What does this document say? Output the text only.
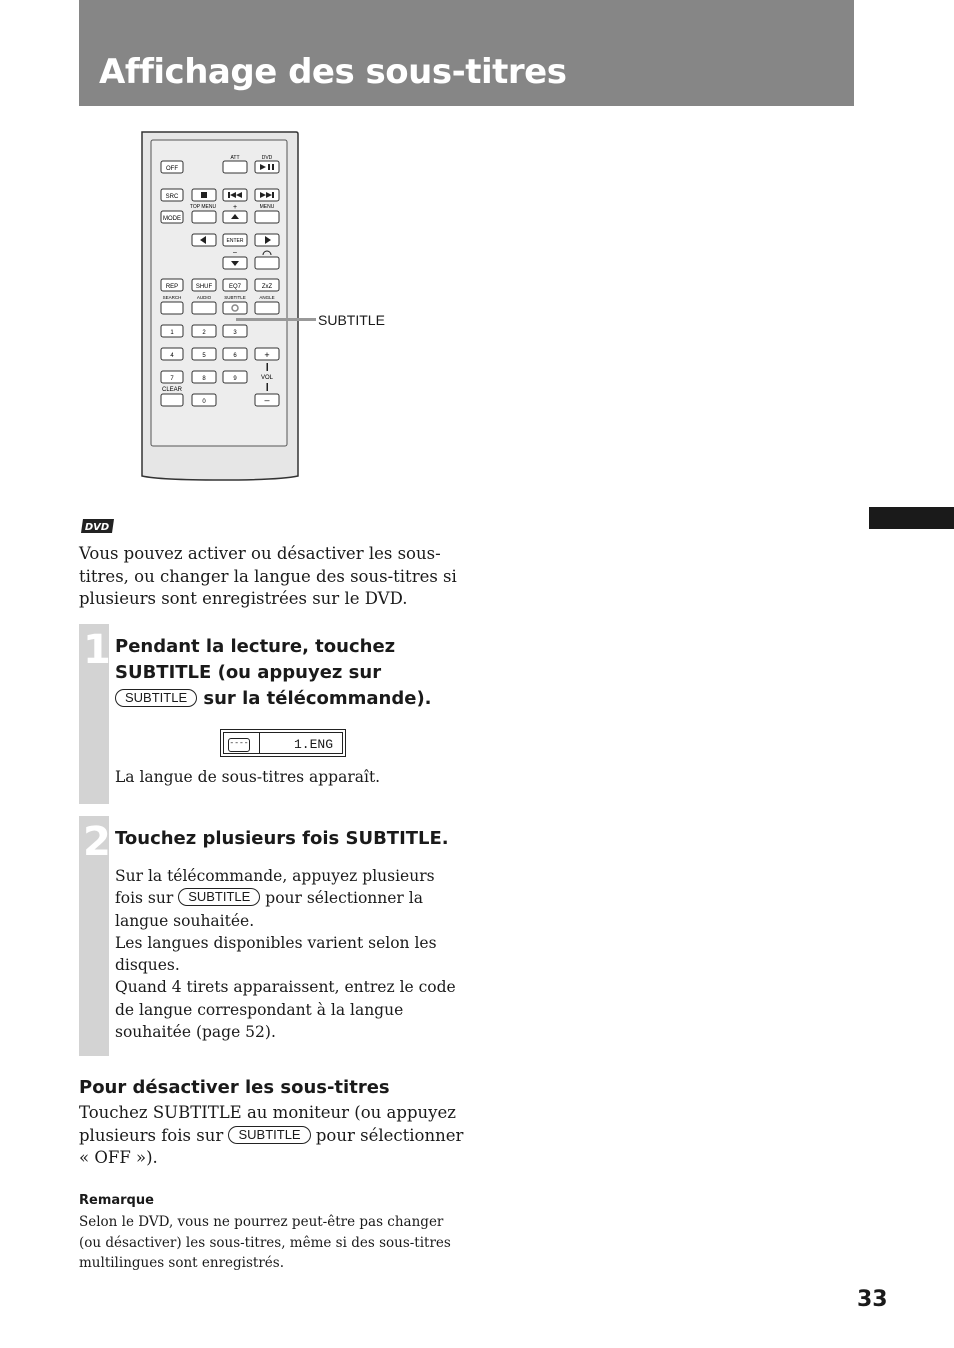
Affichage des sous-titres
OFF
ATT	DVD
SRC
TOP MENU +	MENU
MODE
ENTER
–
REP	SHUF	EQ7	ZxZ
SEARCH	AUDIO	SUBTITLE	ANGLE
1	2	3
4	5	6	+
7	8	9	VOL
CLEAR
0	–
SUBTITLE
DVD
Vous pouvez activer ou désactiver les sous-titres, ou changer la langue des sous-titres si plusieurs sont enregistrées sur le DVD.
1 Pendant la lecture, touchez
SUBTITLE (ou appuyez sur
SUBTITLE sur la télécommande).
----	1.ENG
La langue de sous-titres apparaît.
2 Touchez plusieurs fois SUBTITLE.
Sur la télécommande, appuyez plusieurs fois sur SUBTITLE pour sélectionner la langue souhaitée.
Les langues disponibles varient selon les disques.
Quand 4 tirets apparaissent, entrez le code de langue correspondant à la langue souhaitée (page 52).
Pour désactiver les sous-titres
Touchez SUBTITLE au moniteur (ou appuyez plusieurs fois sur SUBTITLE pour sélectionner « OFF »).
Remarque
Selon le DVD, vous ne pourrez peut-être pas changer (ou désactiver) les sous-titres, même si des sous-titres multilingues sont enregistrés.
33
